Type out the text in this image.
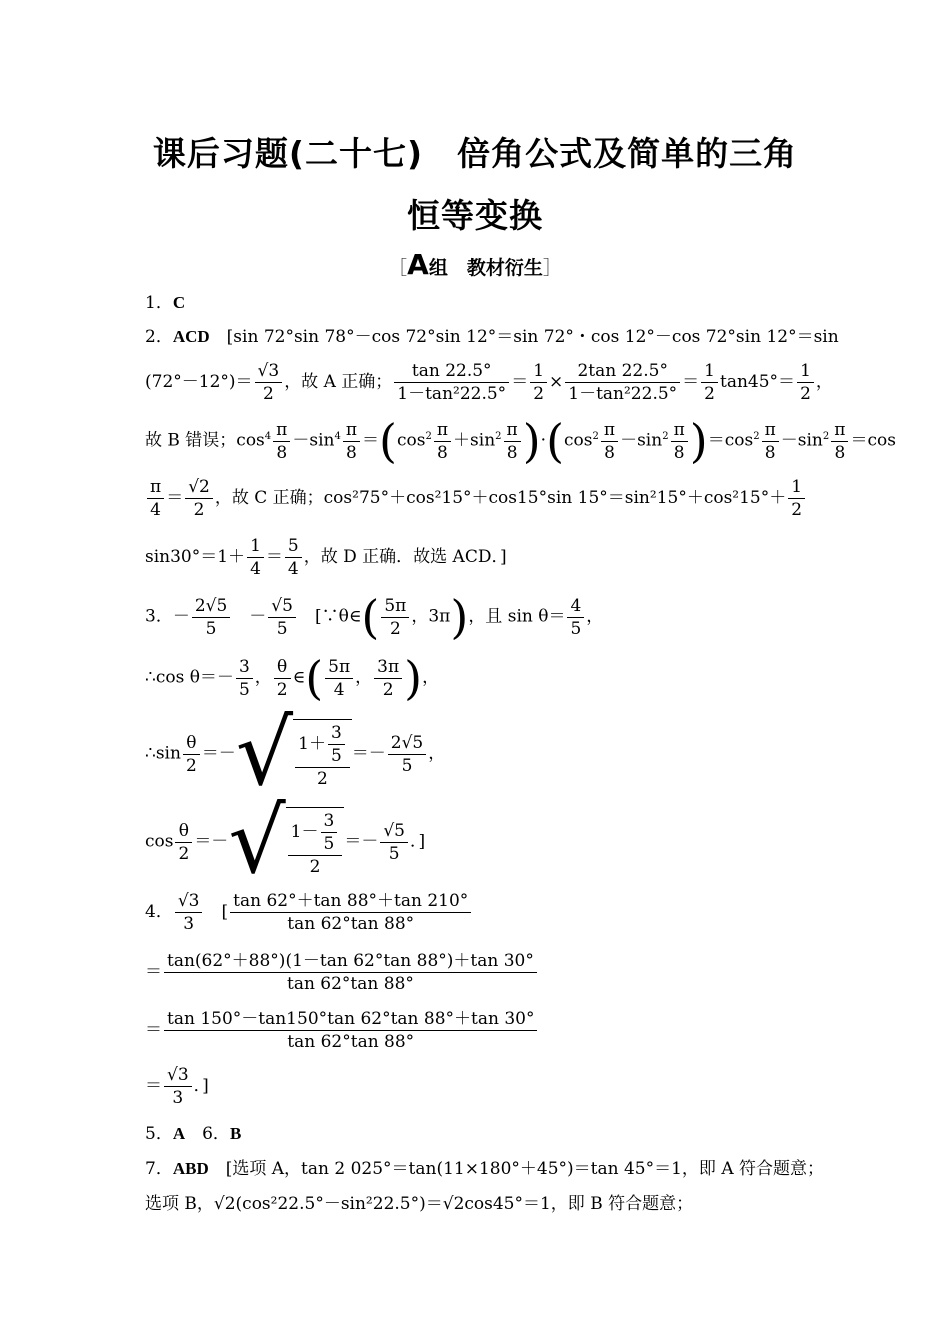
课后习题(二十七)　倍角公式及简单的三角
恒等变换
［A组　教材衍生］
1．C
2．ACD　[sin 72°sin 78°－cos 72°sin 12°＝sin 72°・cos 12°－cos 72°sin 12°＝sin
$(72^\circ-12^\circ)= \frac{√3}{2}$ ，故 A 正确； $\frac{\tan 22.5^\circ}{\text{1－tan²22.5°}} = \frac{1}{2} \times \frac{2\tan 22.5^\circ}{\text{1－tan²22.5°}} = \frac{1}{2} \tan 45^\circ= \frac{1}{2}$ ，
故 B 错误；$\cos^4 \frac{\pi}{8} -\sin^4 \frac{\pi}{8} =(\cos^2 \frac{\pi}{8} +\sin^2 \frac{\pi}{8} )\cdot(\cos^2 \frac{\pi}{8} -\sin^2 \frac{\pi}{8} )=\cos^2 \frac{\pi}{8} -\sin^2 \frac{\pi}{8} =\cos$
$\frac{\pi}{4} = \frac{√2}{2}$ ，故 C 正确；cos²75°＋cos²15°＋cos15°sin $15^\circ=\sin^215^\circ+\cos^215^\circ+ \frac{1}{2}$
$\sin 30^\circ=1+ \frac{1}{4} = \frac{5}{4}$ ，故 D 正确．故选 ACD．]
3．－ $\frac{2√5}{5}$ 　－ $\frac{√5}{5}$ 　[∵θ∈( $\frac{5\pi}{2}$ ，3π)，且 $\sin \theta= \frac{4}{5}$ ，
∴cos $\theta=- \frac{3}{5}$ ， $\frac{\theta}{2}$ ∈( $\frac{5\pi}{4}$ ， $\frac{3\pi}{2}$ )，
∴sin $\frac{\theta}{2}$ ＝－√ $\frac{1+ \frac{3}{5}}{2} =- \frac{2√5}{5}$ ，
$\cos \frac{\theta}{2}$ ＝－√ $\frac{1- \frac{3}{5}}{2} =- \frac{√5}{5}$ ．]
4． $\frac{√3}{3}$ 　[ $\frac{\tan 62^\circ+\tan 88^\circ+\tan 210^\circ}{\tan 62^\circ\tan 88^\circ}$
＝ $\frac{\tan(62^\circ+88^\circ)(1-\tan 62^\circ\tan 88^\circ)+\tan 30^\circ}{\tan 62^\circ\tan 88^\circ}$
＝ $\frac{\tan 150^\circ-\tan 150^\circ\tan 62^\circ\tan 88^\circ+\tan 30^\circ}{\tan 62^\circ\tan 88^\circ}$
＝ $\frac{√3}{3}$ ．]
5．A　6．B
7．ABD　[选项 A，tan 2 025°＝tan(11×180°＋45°)＝tan 45°＝1，即 A 符合题意；
选项 B，√2(cos²22.5°－sin²22.5°)＝√2cos45°＝1，即 B 符合题意；
